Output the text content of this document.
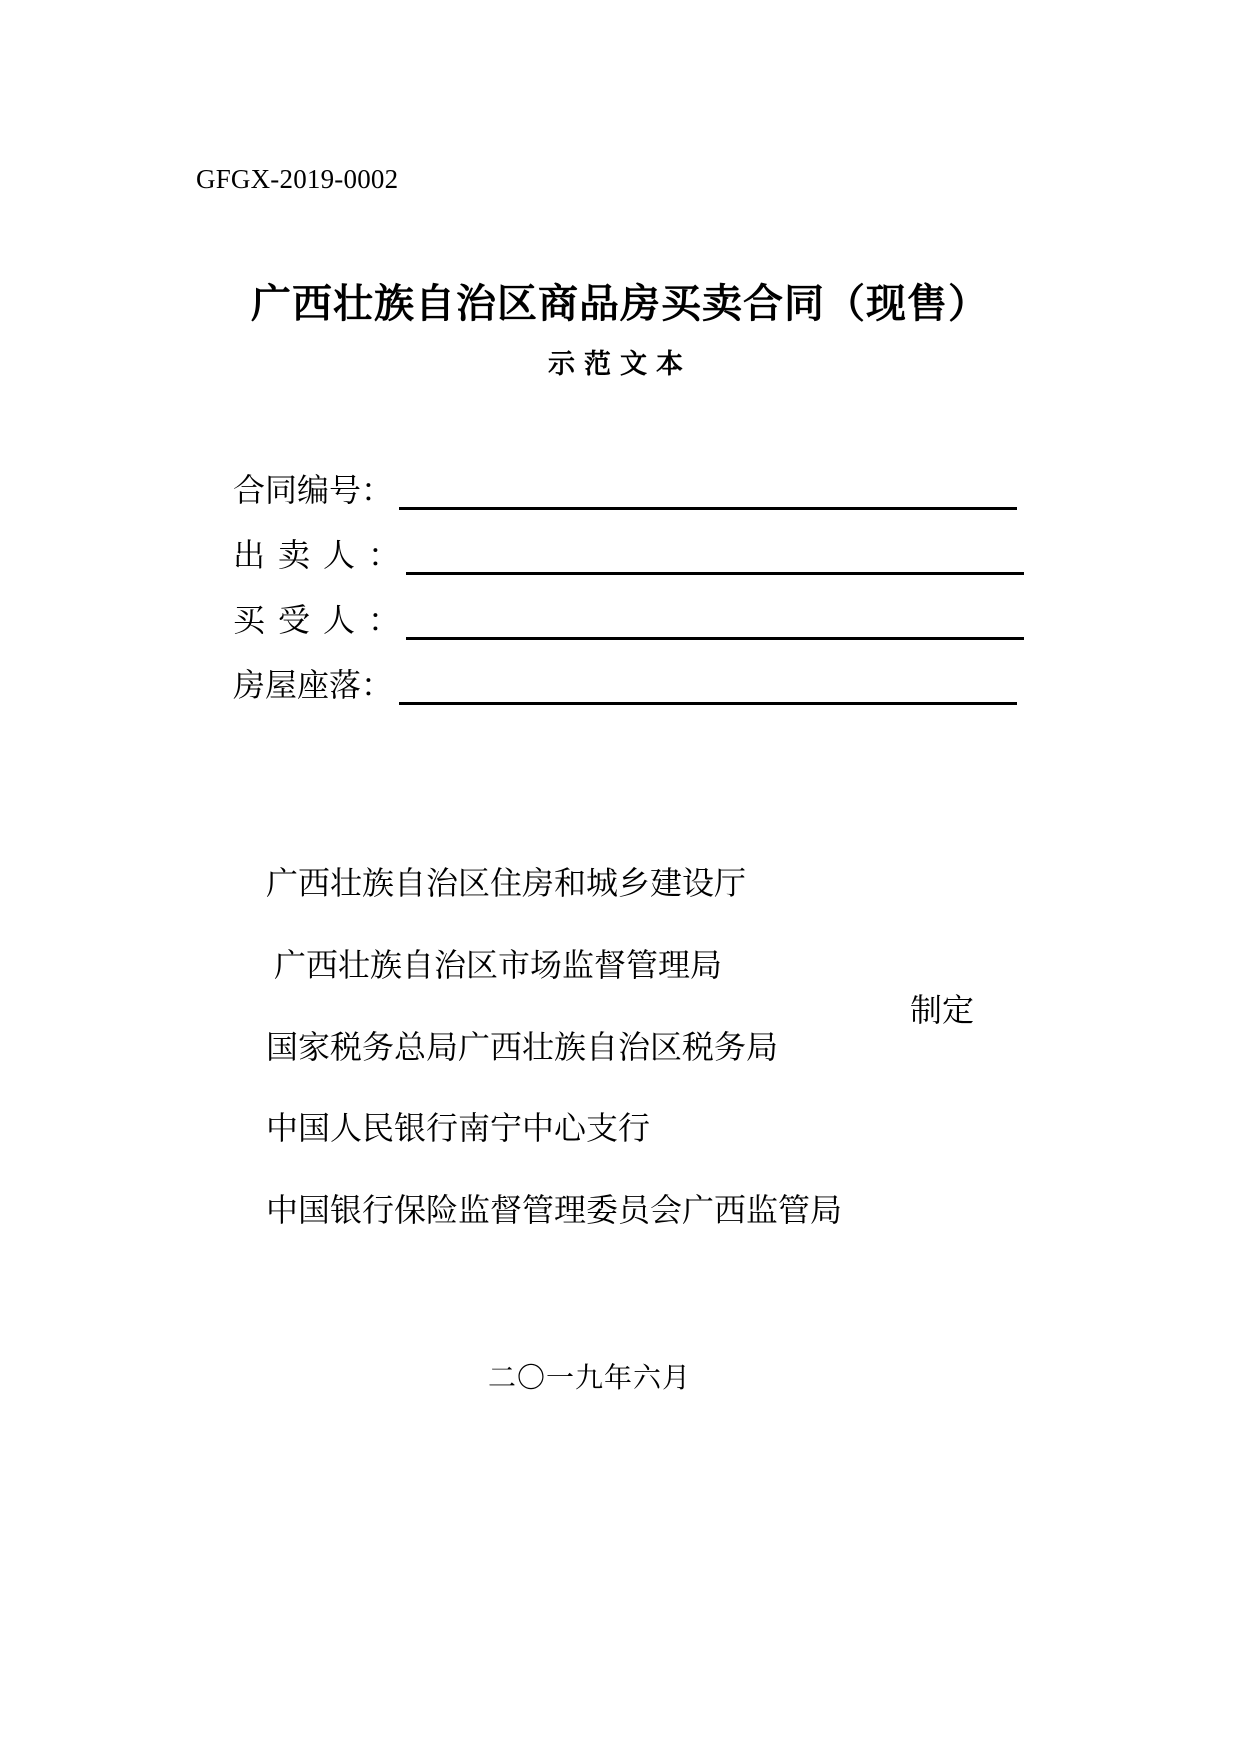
GFGX-2019-0002
广西壮族自治区商品房买卖合同（现售）
示范文本
合同编号 ：
出卖人 ：
买受人 ：
房屋座落 ：
广西壮族自治区住房和城乡建设厅
广西壮族自治区市场监督管理局
国家税务总局广西壮族自治区税务局
中国人民银行南宁中心支行
中国银行保险监督管理委员会广西监管局
制定
二〇一九年六月
